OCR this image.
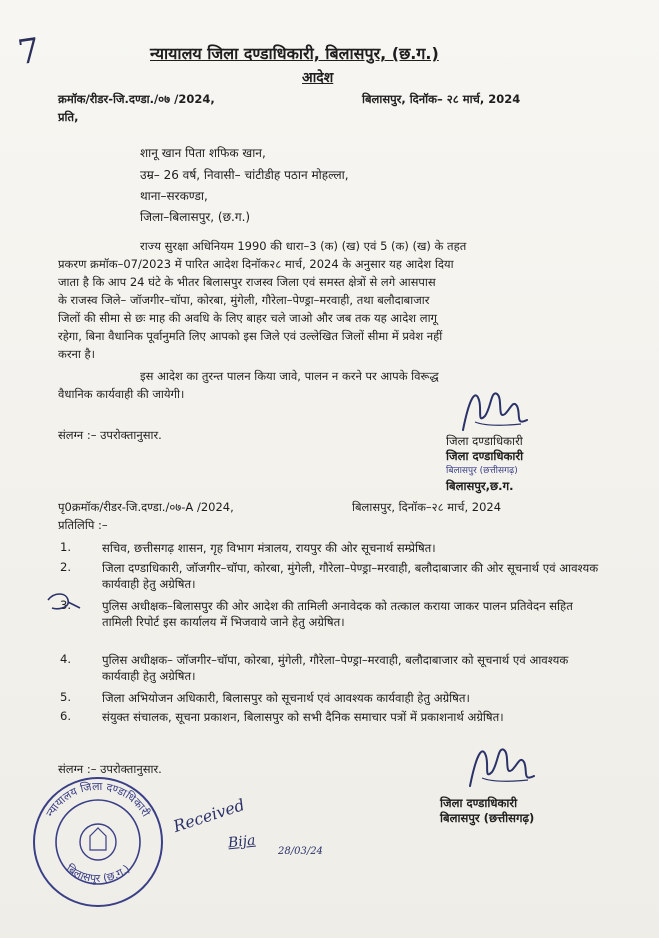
7	न्यायालय जिला दण्डाधिकारी, बिलासपुर, (छ.ग.)
आदेश
क्रमॉक/रीडर-जि.दण्डा./०७ /2024,	बिलासपुर, दिनॉक– २८ मार्च, 2024
प्रति,
शानू खान पिता शफिक खान,
उम्र– 26 वर्ष, निवासी– चांटीडीह पठान मोहल्ला,
थाना–सरकण्डा,
जिला–बिलासपुर, (छ.ग.)
राज्य सुरक्षा अधिनियम 1990 की धारा–3 (क) (ख) एवं 5 (क) (ख) के तहत
प्रकरण क्रमॉक–07/2023 में पारित आदेश दिनॉक२८ मार्च, 2024 के अनुसार यह आदेश दिया
जाता है कि आप 24 घंटे के भीतर बिलासपुर राजस्व जिला एवं समस्त क्षेत्रों से लगे आसपास
के राजस्व जिले– जॉजगीर–चॉपा, कोरबा, मुंगेली, गौरेला–पेण्ड्रा–मरवाही, तथा बलौदाबाजार
जिलों की सीमा से छः माह की अवधि के लिए बाहर चले जाओ और जब तक यह आदेश लागू
रहेगा, बिना वैधानिक पूर्वानुमति लिए आपको इस जिले एवं उल्लेखित जिलों सीमा में प्रवेश नहीं
करना है।
इस आदेश का तुरन्त पालन किया जावे, पालन न करने पर आपके विरूद्ध
वैधानिक कार्यवाही की जायेगी।
संलग्न :– उपरोक्तानुसार.	जिला दण्डाधिकारी
जिला दण्डाधिकारी
बिलासपुर (छत्तीसगढ़)
बिलासपुर,छ.ग.
पृ0क्रमॉक/रीडर-जि.दण्डा./०७-A /2024,	बिलासपुर, दिनॉक–२८ मार्च, 2024
प्रतिलिपि :–
1.	सचिव, छत्तीसगढ़ शासन, गृह विभाग मंत्रालय, रायपुर की ओर सूचनार्थ सम्प्रेषित।
2.	जिला दण्डाधिकारी, जॉजगीर–चॉपा, कोरबा, मुंगेली, गौरेला–पेण्ड्रा–मरवाही, बलौदाबाजार की ओर सूचनार्थ एवं आवश्यक कार्यवाही हेतु अग्रेषित।
3.	पुलिस अधीक्षक–बिलासपुर की ओर आदेश की तामिली अनावेदक को तत्काल कराया जाकर पालन प्रतिवेदन सहित तामिली रिपोर्ट इस कार्यालय में भिजवाये जाने हेतु अग्रेषित।
4.	पुलिस अधीक्षक– जॉजगीर–चॉपा, कोरबा, मुंगेली, गौरेला–पेण्ड्रा–मरवाही, बलौदाबाजार को सूचनार्थ एवं आवश्यक कार्यवाही हेतु अग्रेषित।
5.	जिला अभियोजन अधिकारी, बिलासपुर को सूचनार्थ एवं आवश्यक कार्यवाही हेतु अग्रेषित।
6.	संयुक्त संचालक, सूचना प्रकाशन, बिलासपुर को सभी दैनिक समाचार पत्रों में प्रकाशनार्थ अग्रेषित।
संलग्न :– उपरोक्तानुसार.
जिला दण्डाधिकारी
बिलासपुर (छत्तीसगढ़)
न्यायालय जिला दण्डाधिकारी
बिलासपुर (छ.ग.)
Received
Bija
28/03/24
